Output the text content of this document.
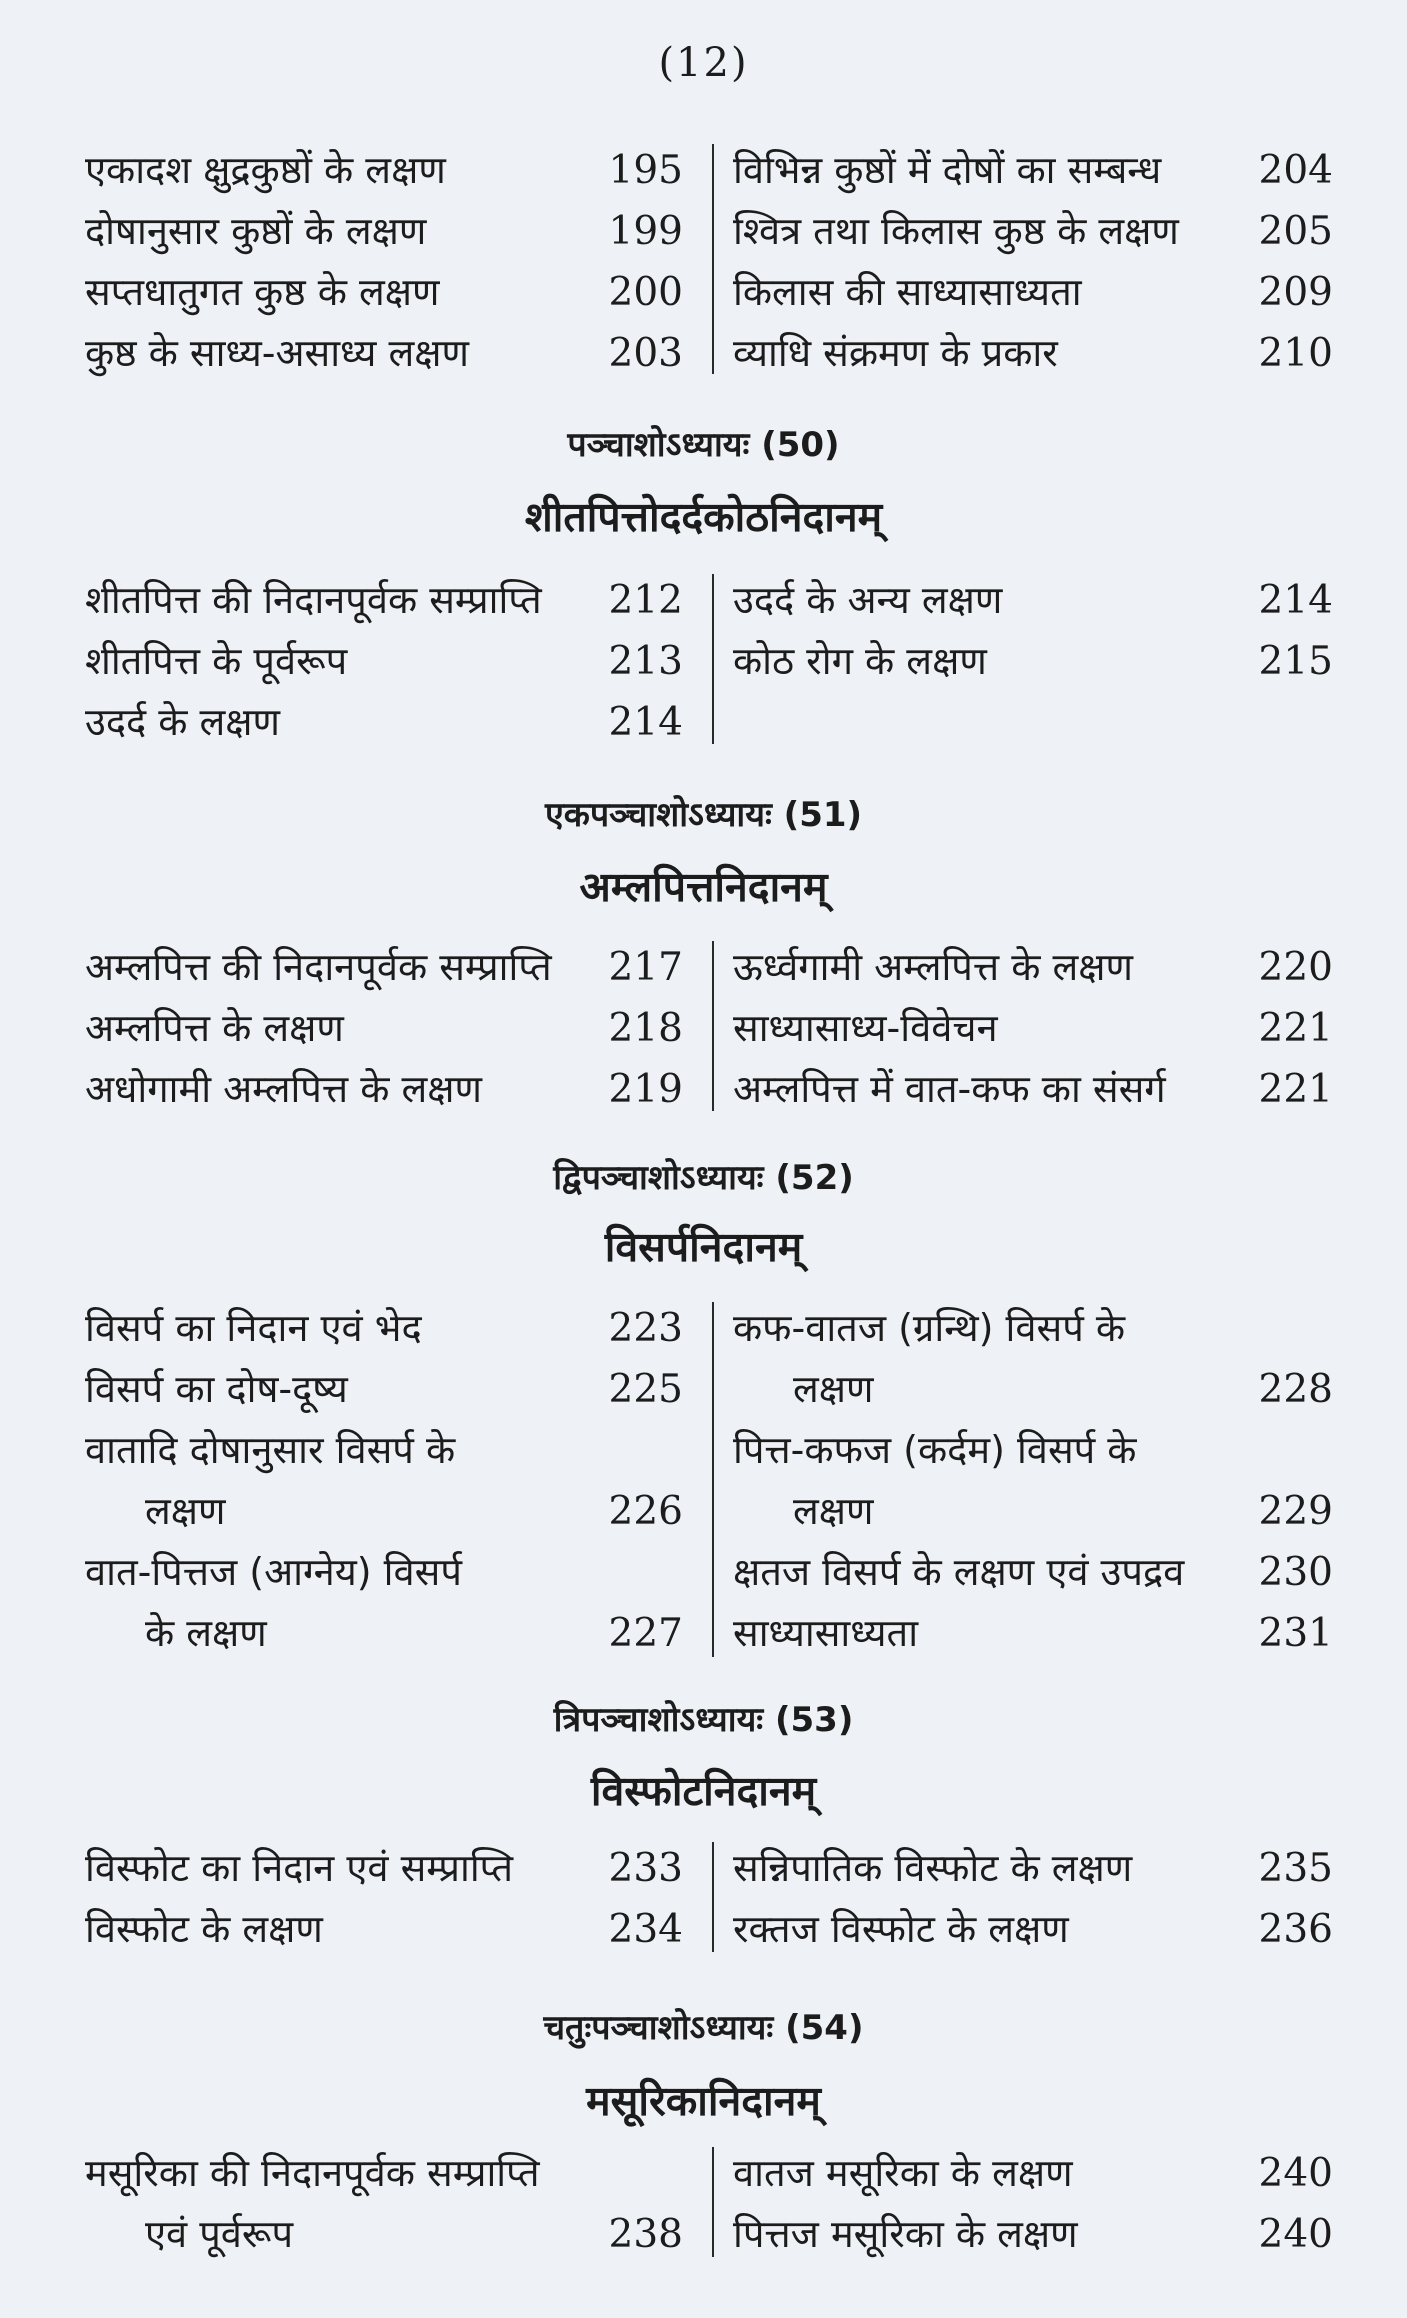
(12)
एकादश क्षुद्रकुष्ठों के लक्षण	195
दोषानुसार कुष्ठों के लक्षण	199
सप्तधातुगत कुष्ठ के लक्षण	200
कुष्ठ के साध्य-असाध्य लक्षण	203
विभिन्न कुष्ठों में दोषों का सम्बन्ध 204
श्वित्र तथा किलास कुष्ठ के लक्षण 205
किलास की साध्यासाध्यता	209
व्याधि संक्रमण के प्रकार	210
पञ्चाशोऽध्यायः (50)
शीतपित्तोदर्दकोठनिदानम्
शीतपित्त की निदानपूर्वक सम्प्राप्ति 212
शीतपित्त के पूर्वरूप	213
उदर्द के लक्षण	214
उदर्द के अन्य लक्षण	214
कोठ रोग के लक्षण	215
एकपञ्चाशोऽध्यायः (51)
अम्लपित्तनिदानम्
अम्लपित्त की निदानपूर्वक सम्प्राप्ति 217
अम्लपित्त के लक्षण	218
अधोगामी अम्लपित्त के लक्षण	219
ऊर्ध्वगामी अम्लपित्त के लक्षण	220
साध्यासाध्य-विवेचन	221
अम्लपित्त में वात-कफ का संसर्ग 221
द्विपञ्चाशोऽध्यायः (52)
विसर्पनिदानम्
विसर्प का निदान एवं भेद	223
विसर्प का दोष-दूष्य	225
वातादि दोषानुसार विसर्प के
लक्षण	226
वात-पित्तज (आग्नेय) विसर्प
के लक्षण	227
कफ-वातज (ग्रन्थि) विसर्प के
लक्षण	228
पित्त-कफज (कर्दम) विसर्प के
लक्षण	229
क्षतज विसर्प के लक्षण एवं उपद्रव 230
साध्यासाध्यता	231
त्रिपञ्चाशोऽध्यायः (53)
विस्फोटनिदानम्
विस्फोट का निदान एवं सम्प्राप्ति 233
विस्फोट के लक्षण	234
सन्निपातिक विस्फोट के लक्षण	235
रक्तज विस्फोट के लक्षण	236
चतुःपञ्चाशोऽध्यायः (54)
मसूरिकानिदानम्
मसूरिका की निदानपूर्वक सम्प्राप्ति
एवं पूर्वरूप	238
वातज मसूरिका के लक्षण	240
पित्तज मसूरिका के लक्षण	240
